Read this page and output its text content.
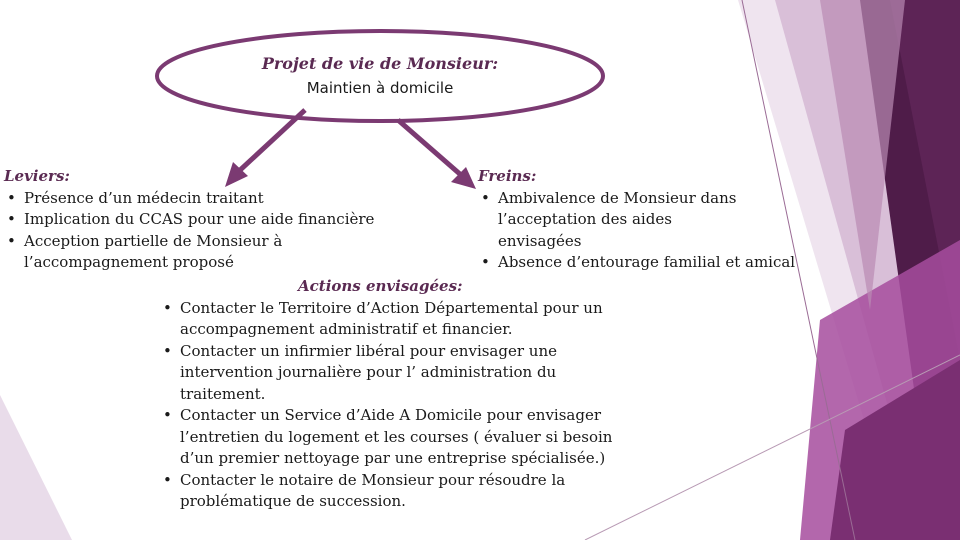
Projet de vie de Monsieur:
Maintien à domicile
Leviers:
• Présence d’un médecin traitant
• Implication du CCAS pour une aide financière
• Acception partielle de Monsieur à l’accompagnement proposé
Freins:
• Ambivalence de Monsieur dans l’acceptation des aides envisagées
• Absence d’entourage familial et amical
Actions envisagées:
• Contacter le Territoire d’Action Départemental pour un accompagnement administratif et financier.
• Contacter un infirmier libéral pour envisager une intervention journalière pour l’ administration du traitement.
• Contacter un Service d’Aide A Domicile pour envisager l’entretien du logement et les courses ( évaluer si besoin d’un premier nettoyage par une entreprise spécialisée.)
• Contacter le notaire de Monsieur pour résoudre la problématique de succession.
